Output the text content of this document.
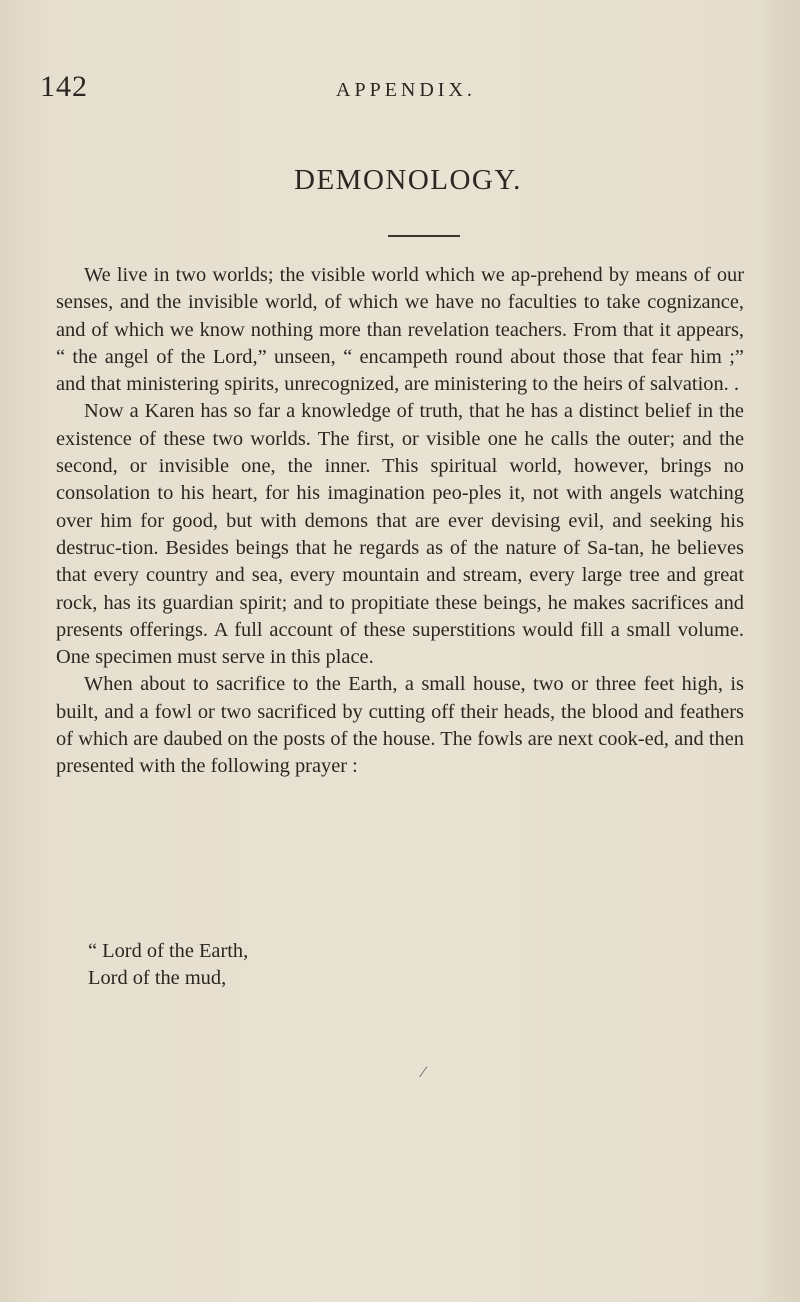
142	APPENDIX.
DEMONOLOGY.

We live in two worlds; the visible world which we ap-prehend by means of our senses, and the invisible world, of which we have no faculties to take cognizance, and of which we know nothing more than revelation teachers. From that it appears, “ the angel of the Lord,” unseen, “ encampeth round about those that fear him ;” and that ministering spirits, unrecognized, are ministering to the heirs of salvation. .

Now a Karen has so far a knowledge of truth, that he has a distinct belief in the existence of these two worlds. The first, or visible one he calls the outer; and the second, or invisible one, the inner. This spiritual world, however, brings no consolation to his heart, for his imagination peo-ples it, not with angels watching over him for good, but with demons that are ever devising evil, and seeking his destruc-tion. Besides beings that he regards as of the nature of Sa-tan, he believes that every country and sea, every mountain and stream, every large tree and great rock, has its guardian spirit; and to propitiate these beings, he makes sacrifices and presents offerings. A full account of these superstitions would fill a small volume. One specimen must serve in this place.

When about to sacrifice to the Earth, a small house, two or three feet high, is built, and a fowl or two sacrificed by cutting off their heads, the blood and feathers of which are daubed on the posts of the house. The fowls are next cook-ed, and then presented with the following prayer :

“ Lord of the Earth,
Lord of the mud,
⁄
